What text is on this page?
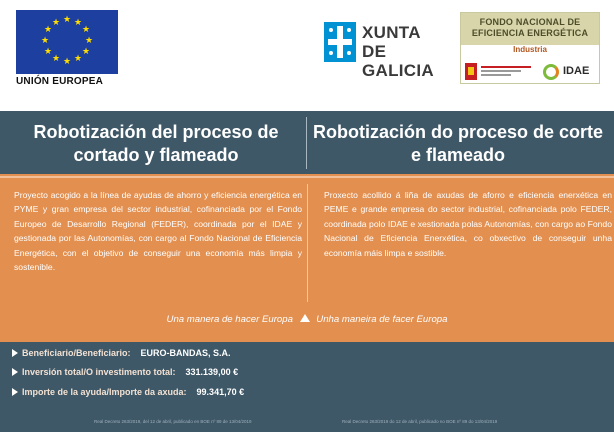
★ ★
★
★
★
★
★
★
★
★
★
★
UNIÓN EUROPEA
XUNTA
DE GALICIA
FONDO NACIONAL DE
EFICIENCIA ENERGÉTICA
Industria
IDAE
Robotización del proceso de cortado y flameado
Robotización do proceso de corte e flameado
Proyecto acogido a la línea de ayudas de ahorro y eficiencia energética en PYME y gran empresa del sector industrial, cofinanciada por el Fondo Europeo de Desarrollo Regional (FEDER), coordinada por el IDAE y gestionada por las Autonomías, con cargo al Fondo Nacional de Eficiencia Energética, con el objetivo de conseguir una economía más limpia y sostenible.
Proxecto acollido á liña de axudas de aforro e eficiencia enerxética en PEME e grande empresa do sector industrial, cofinanciada polo FEDER, coordinada polo IDAE e xestionada polas Autonomías, con cargo ao Fondo Nacional de Eficiencia Enerxética, co obxectivo de conseguir unha economía máis limpa e sostible.
Una manera de hacer Europa Unha maneira de facer Europa
Beneficiario/Beneficiario: EURO-BANDAS, S.A.
Inversión total/O investimento total: 331.139,00 €
Importe de la ayuda/Importe da axuda: 99.341,70 €
Real Decreto 263/2019, del 12 de abril, publicado en BOE nº 89 de 13/04/2019	Real Decreto 263/2019 do 12 de abril, publicado no BOE nº 89 do 13/04/2019
